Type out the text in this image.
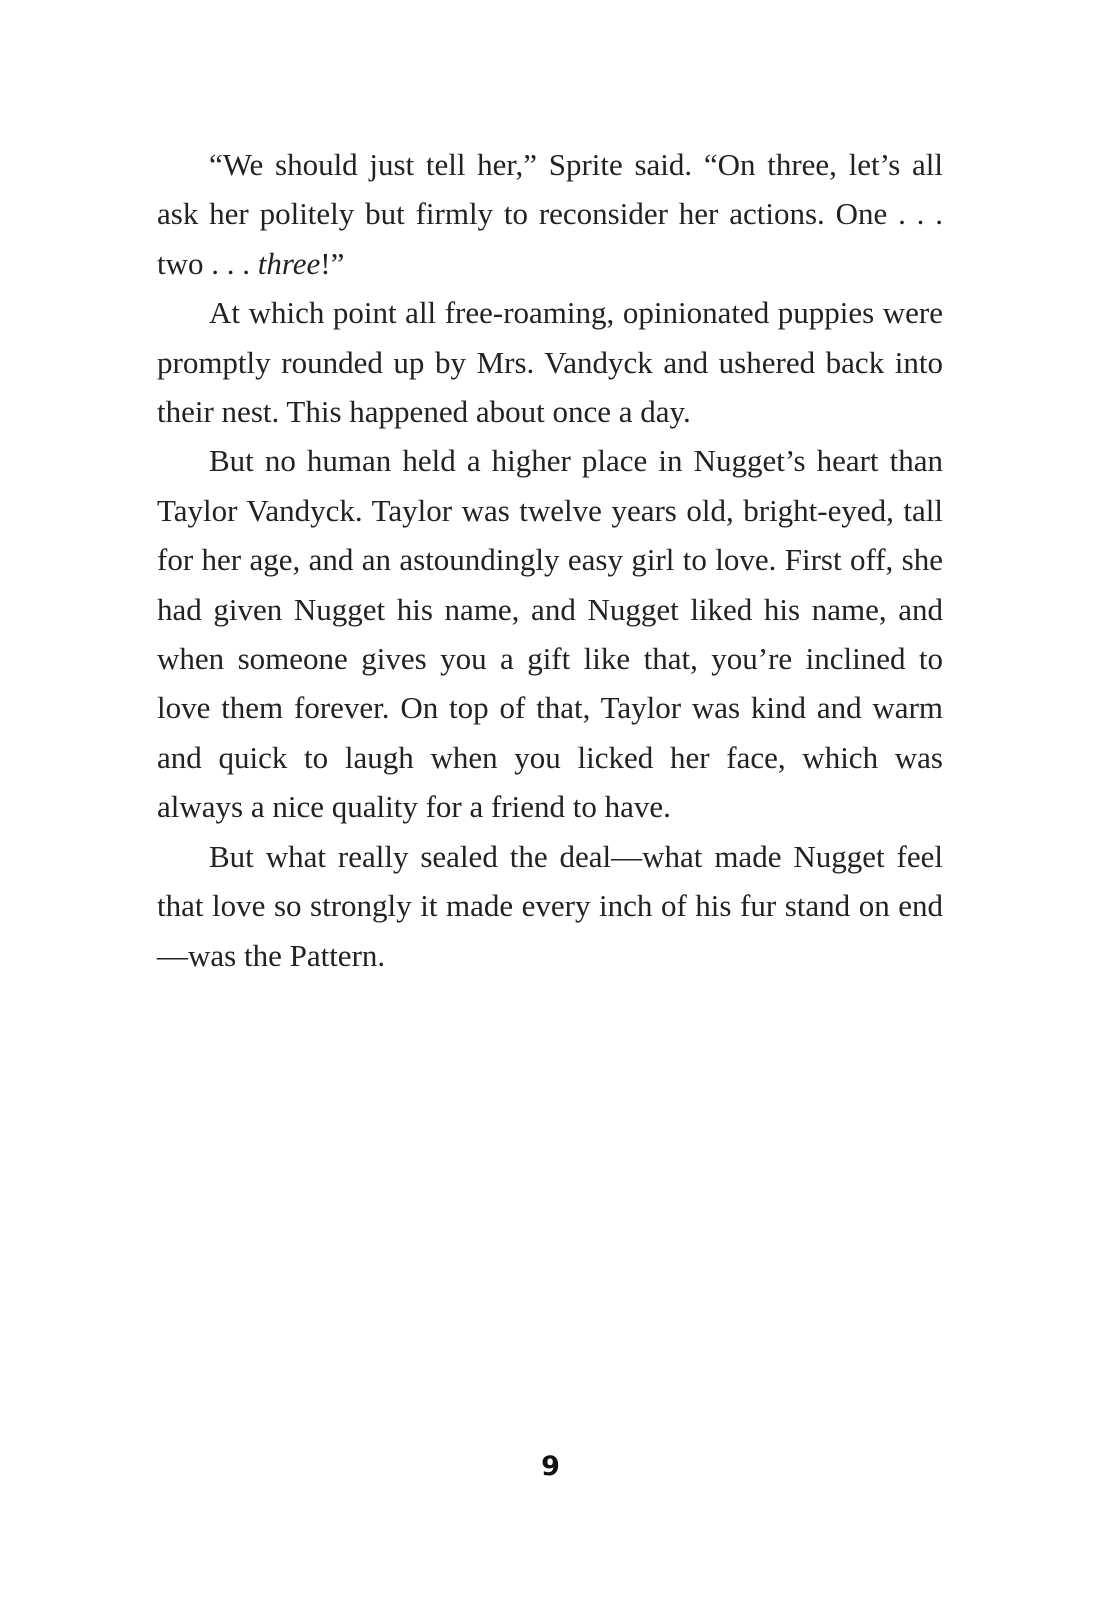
“We should just tell her,” Sprite said. “On three, let’s all ask her politely but firmly to reconsider her actions. One . . . two . . . three!”

At which point all free-roaming, opinionated puppies were promptly rounded up by Mrs. Vandyck and ushered back into their nest. This happened about once a day.

But no human held a higher place in Nugget’s heart than Taylor Vandyck. Taylor was twelve years old, bright-eyed, tall for her age, and an astoundingly easy girl to love. First off, she had given Nugget his name, and Nugget liked his name, and when someone gives you a gift like that, you’re inclined to love them forever. On top of that, Taylor was kind and warm and quick to laugh when you licked her face, which was always a nice quality for a friend to have.

But what really sealed the deal—what made Nugget feel that love so strongly it made every inch of his fur stand on end—was the Pattern.

9
